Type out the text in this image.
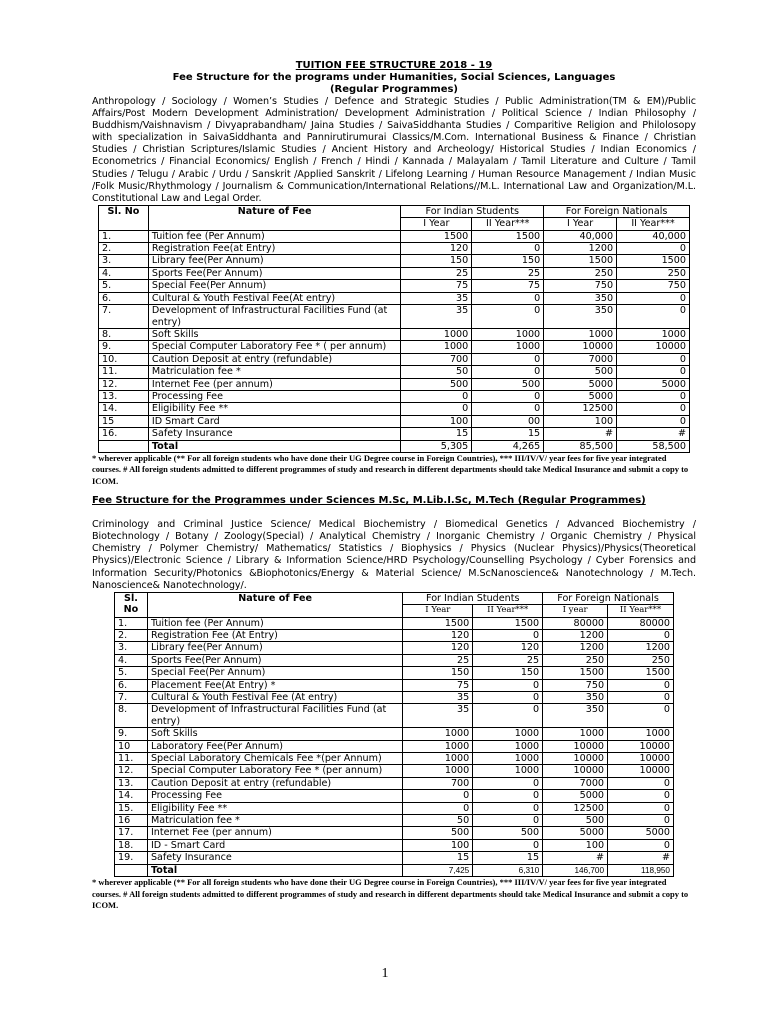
TUITION FEE STRUCTURE 2018 - 19
Fee Structure for the programs under Humanities, Social Sciences, Languages
(Regular Programmes)
Anthropology / Sociology / Women’s Studies / Defence and Strategic Studies / Public Administration(TM & EM)/Public Affairs/Post Modern Development Administration/ Development Administration / Political Science / Indian Philosophy / Buddhism/Vaishnavism / Divyaprabandham/ Jaina Studies / SaivaSiddhanta Studies / Comparitive Religion and Philolosopy with specialization in SaivaSiddhanta and Pannirutirumurai Classics/M.Com. International Business & Finance / Christian Studies / Christian Scriptures/Islamic Studies / Ancient History and Archeology/ Historical Studies / Indian Economics / Econometrics / Financial Economics/ English / French / Hindi / Kannada / Malayalam / Tamil Literature and Culture / Tamil Studies / Telugu / Arabic / Urdu / Sanskrit /Applied Sanskrit / Lifelong Learning / Human Resource Management / Indian Music /Folk Music/Rhythmology / Journalism & Communication/International Relations//M.L. International Law and Organization/M.L. Constitutional Law and Legal Order.
Sl. No	Nature of Fee	For Indian Students		For Foreign Nationals	
		I Year	II Year***	I Year	II Year***
1.	Tuition fee (Per Annum)	1500	1500	40,000	40,000
2.	Registration Fee(at Entry)	120	0	1200	0
3.	Library fee(Per Annum)	150	150	1500	1500
4.	Sports Fee(Per Annum)	25	25	250	250
5.	Special Fee(Per Annum)	75	75	750	750
6.	Cultural & Youth Festival Fee(At entry)	35	0	350	0
7.	Development of Infrastructural Facilities Fund (at entry)	35	0	350	0
8.	Soft Skills	1000	1000	1000	1000
9.	Special Computer Laboratory Fee * ( per annum)	1000	1000	10000	10000
10.	Caution Deposit at entry (refundable)	700	0	7000	0
11.	Matriculation fee *	50	0	500	0
12.	Internet Fee (per annum)	500	500	5000	5000
13.	Processing Fee	0	0	5000	0
14.	Eligibility Fee **	0	0	12500	0
15	ID Smart Card	100	00	100	0
16.	Safety Insurance	15	15	#	#
	Total	5,305	4,265	85,500	58,500
* wherever applicable (** For all foreign students who have done their UG Degree course in Foreign Countries), *** III/IV/V/ year fees for five year integrated courses. # All foreign students admitted to different programmes of study and research in different departments should take Medical Insurance and submit a copy to ICOM.
Fee Structure for the Programmes under Sciences M.Sc, M.Lib.I.Sc, M.Tech (Regular Programmes)
Criminology and Criminal Justice Science/ Medical Biochemistry / Biomedical Genetics / Advanced Biochemistry / Biotechnology / Botany / Zoology(Special) / Analytical Chemistry / Inorganic Chemistry / Organic Chemistry / Physical Chemistry / Polymer Chemistry/ Mathematics/ Statistics / Biophysics / Physics (Nuclear Physics)/Physics(Theoretical Physics)/Electronic Science / Library & Information Science/HRD Psychology/Counselling Psychology / Cyber Forensics and Information Security/Photonics &Biophotonics/Energy & Material Science/ M.ScNanoscience& Nanotechnology / M.Tech. Nanoscience& Nanotechnology/.
Sl. No	Nature of Fee	For Indian Students		For Foreign Nationals	
		I Year	II Year***	I year	II Year***
1.	Tuition fee (Per Annum)	1500	1500	80000	80000
2.	Registration Fee (At Entry)	120	0	1200	0
3.	Library fee(Per Annum)	120	120	1200	1200
4.	Sports Fee(Per Annum)	25	25	250	250
5.	Special Fee(Per Annum)	150	150	1500	1500
6.	Placement Fee(At Entry) *	75	0	750	0
7.	Cultural & Youth Festival Fee (At entry)	35	0	350	0
8.	Development of Infrastructural Facilities Fund (at entry)	35	0	350	0
9.	Soft Skills	1000	1000	1000	1000
10	Laboratory Fee(Per Annum)	1000	1000	10000	10000
11.	Special Laboratory Chemicals Fee *(per Annum)	1000	1000	10000	10000
12.	Special Computer Laboratory Fee * (per annum)	1000	1000	10000	10000
13.	Caution Deposit at entry (refundable)	700	0	7000	0
14.	Processing Fee	0	0	5000	0
15.	Eligibility Fee **	0	0	12500	0
16	Matriculation fee *	50	0	500	0
17.	Internet Fee (per annum)	500	500	5000	5000
18.	ID - Smart Card	100	0	100	0
19.	Safety Insurance	15	15	#	#
	Total	7,425	6,310	146,700	118,950
* wherever applicable (** For all foreign students who have done their UG Degree course in Foreign Countries), *** III/IV/V/ year fees for five year integrated courses. # All foreign students admitted to different programmes of study and research in different departments should take Medical Insurance and submit a copy to ICOM.
1
